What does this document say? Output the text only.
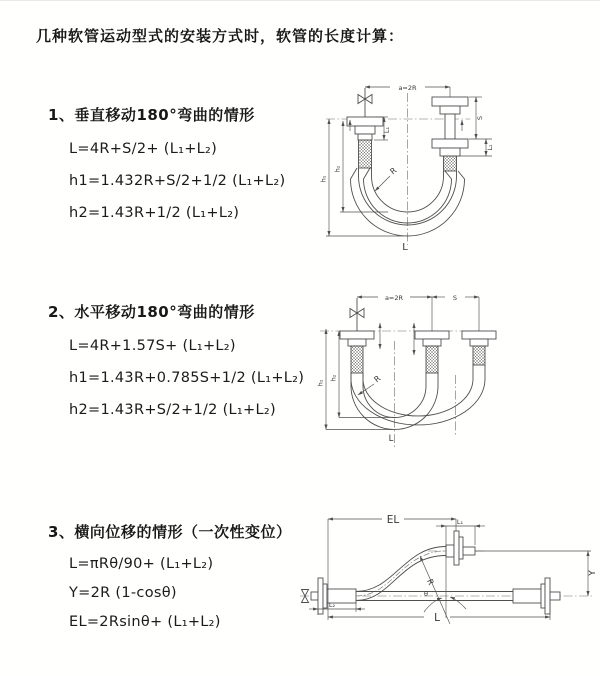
几种软管运动型式的安装方式时，软管的长度计算：
1、垂直移动180°弯曲的情形
L=4R+S/2+ (L₁+L₂)
h1=1.432R+S/2+1/2 (L₁+L₂)
h2=1.43R+1/2 (L₁+L₂)
2、水平移动180°弯曲的情形
L=4R+1.57S+ (L₁+L₂)
h1=1.43R+0.785S+1/2 (L₁+L₂)
h2=1.43R+S/2+1/2 (L₁+L₂)
3、横向位移的情形（一次性变位）
L=πRθ/90+ (L₁+L₂)
Y=2R (1-cosθ)
EL=2Rsinθ+ (L₁+L₂)
a=2R
L₁
S
L₂
h₁
h₂	R
L
a=2R	S
h₁
h₂	R
L
EL	L₁
Y
R
θ
L
L₂
